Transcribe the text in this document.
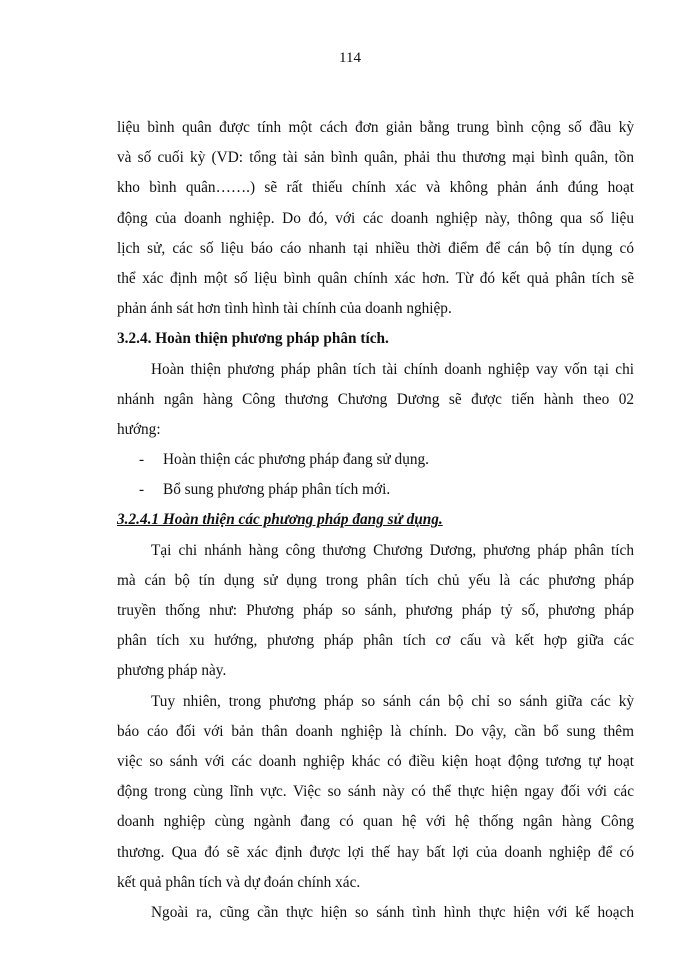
114
liệu bình quân được tính một cách đơn giản bằng trung bình cộng số đầu kỳ
và số cuối kỳ (VD: tổng tài sản bình quân, phải thu thương mại bình quân, tồn
kho bình quân…….) sẽ rất thiếu chính xác và không phản ánh đúng hoạt
động của doanh nghiệp. Do đó, với các doanh nghiệp này, thông qua số liệu
lịch sử, các số liệu báo cáo nhanh tại nhiều thời điểm để cán bộ tín dụng có
thể xác định một số liệu bình quân chính xác hơn. Từ đó kết quả phân tích sẽ
phản ánh sát hơn tình hình tài chính của doanh nghiệp.
3.2.4. Hoàn thiện phương pháp phân tích.
Hoàn thiện phương pháp phân tích tài chính doanh nghiệp vay vốn tại chi
nhánh ngân hàng Công thương Chương Dương sẽ được tiến hành theo 02
hướng:
-	Hoàn thiện các phương pháp đang sử dụng.
-	Bổ sung phương pháp phân tích mới.
3.2.4.1 Hoàn thiện các phương pháp đang sử dụng.
Tại chi nhánh hàng công thương Chương Dương, phương pháp phân tích
mà cán bộ tín dụng sử dụng trong phân tích chủ yếu là các phương pháp
truyền thống như: Phương pháp so sánh, phương pháp tỷ số, phương pháp
phân tích xu hướng, phương pháp phân tích cơ cấu và kết hợp giữa các
phương pháp này.
Tuy nhiên, trong phương pháp so sánh cán bộ chỉ so sánh giữa các kỳ
báo cáo đối với bản thân doanh nghiệp là chính. Do vậy, cần bổ sung thêm
việc so sánh với các doanh nghiệp khác có điều kiện hoạt động tương tự hoạt
động trong cùng lĩnh vực. Việc so sánh này có thể thực hiện ngay đối với các
doanh nghiệp cùng ngành đang có quan hệ với hệ thống ngân hàng Công
thương. Qua đó sẽ xác định được lợi thế hay bất lợi của doanh nghiệp để có
kết quả phân tích và dự đoán chính xác.
Ngoài ra, cũng cần thực hiện so sánh tình hình thực hiện với kế hoạch
